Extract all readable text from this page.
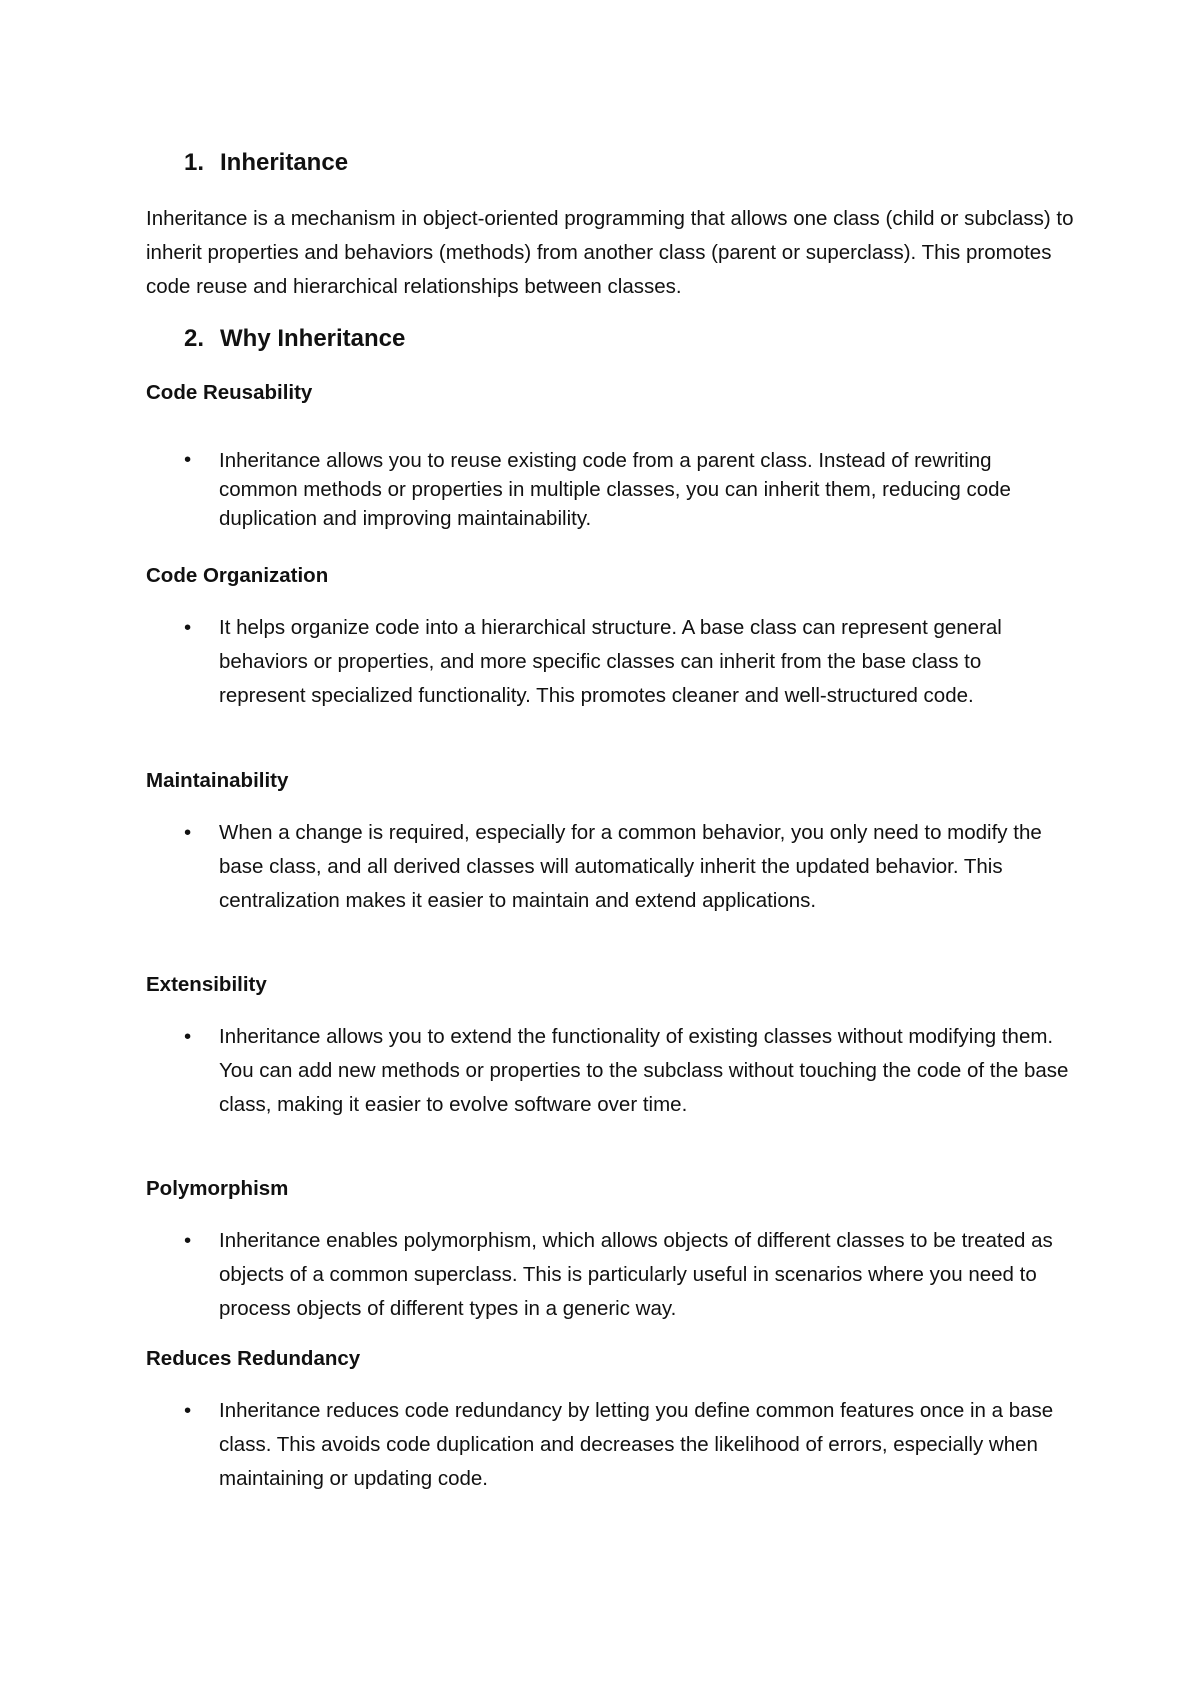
1. Inheritance

Inheritance is a mechanism in object-oriented programming that allows one class (child or subclass) to inherit properties and behaviors (methods) from another class (parent or superclass). This promotes code reuse and hierarchical relationships between classes.

2. Why Inheritance
Code Reusability
• Inheritance allows you to reuse existing code from a parent class. Instead of rewriting common methods or properties in multiple classes, you can inherit them, reducing code duplication and improving maintainability.

Code Organization
• It helps organize code into a hierarchical structure. A base class can represent general behaviors or properties, and more specific classes can inherit from the base class to represent specialized functionality. This promotes cleaner and well-structured code.

Maintainability
• When a change is required, especially for a common behavior, you only need to modify the base class, and all derived classes will automatically inherit the updated behavior. This centralization makes it easier to maintain and extend applications.

Extensibility
• Inheritance allows you to extend the functionality of existing classes without modifying them. You can add new methods or properties to the subclass without touching the code of the base class, making it easier to evolve software over time.

Polymorphism
• Inheritance enables polymorphism, which allows objects of different classes to be treated as objects of a common superclass. This is particularly useful in scenarios where you need to process objects of different types in a generic way.

Reduces Redundancy
• Inheritance reduces code redundancy by letting you define common features once in a base class. This avoids code duplication and decreases the likelihood of errors, especially when maintaining or updating code.
